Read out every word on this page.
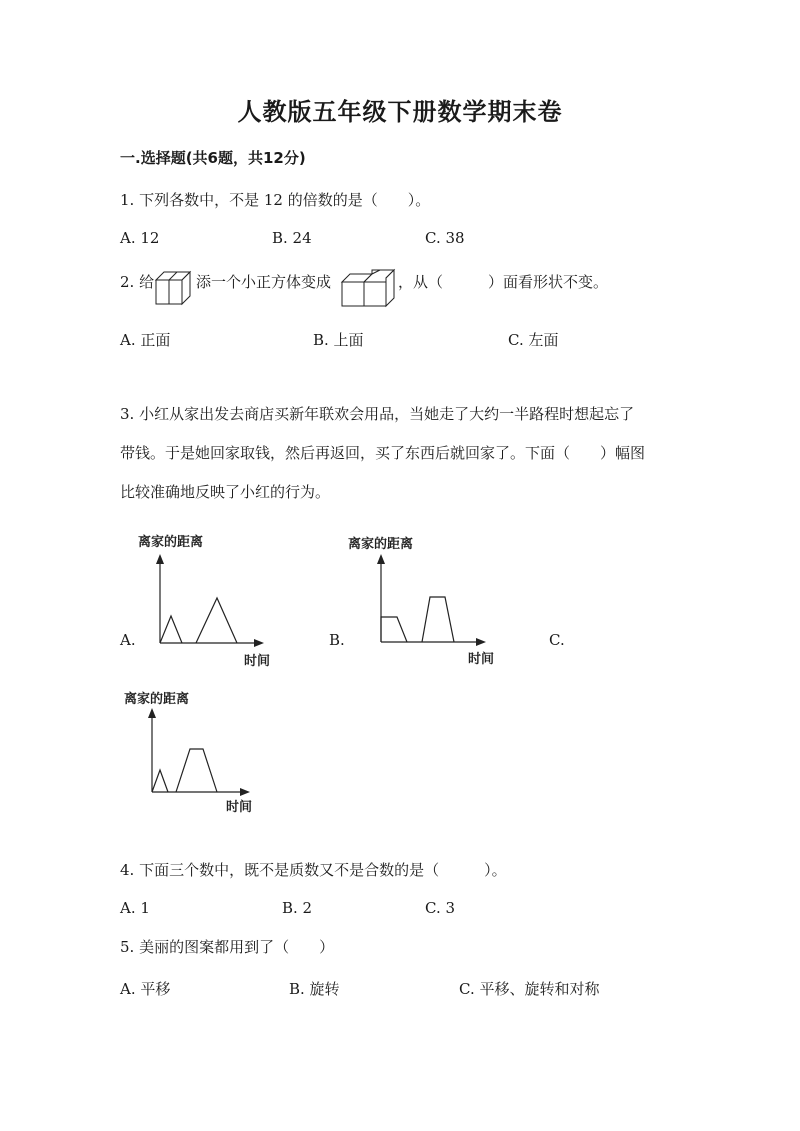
人教版五年级下册数学期末卷
一.选择题(共6题，共12分)
1. 下列各数中，不是 12 的倍数的是（　　）。
A. 12	B. 24	C. 38
2. 给	添一个小正方体变成	，从（　　　）面看形状不变。
A. 正面	B. 上面	C. 左面
3. 小红从家出发去商店买新年联欢会用品，当她走了大约一半路程时想起忘了
带钱。于是她回家取钱，然后再返回，买了东西后就回家了。下面（　　）幅图
比较准确地反映了小红的行为。
A.	B.	C.
离家的距离
时间
离家的距离
时间
离家的距离
时间
4. 下面三个数中，既不是质数又不是合数的是（　　　）。
A. 1	B. 2	C. 3
5. 美丽的图案都用到了（　　）
A. 平移	B. 旋转	C. 平移、旋转和对称
